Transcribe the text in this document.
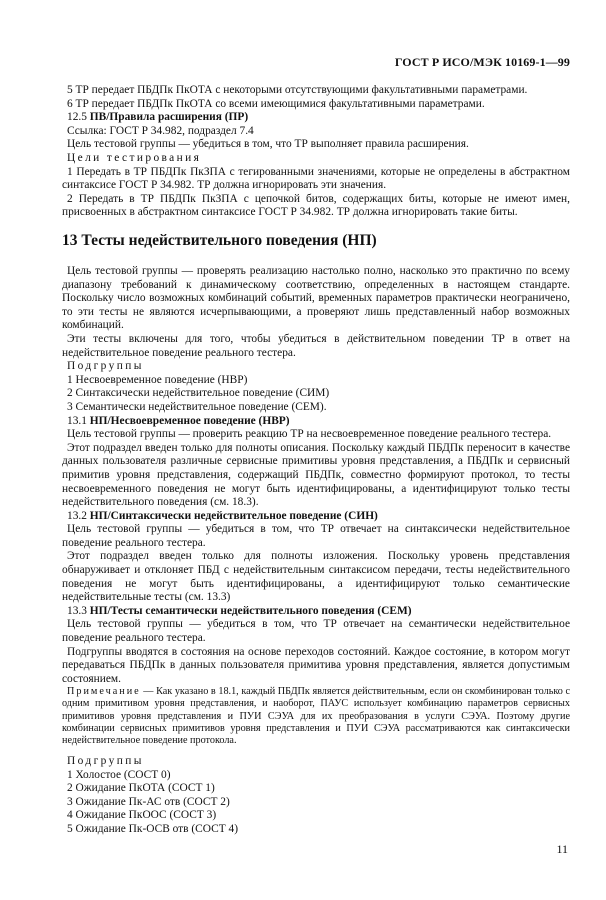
ГОСТ Р ИСО/МЭК 10169-1—99

5 ТР передает ПБДПк ПкОТА с некоторыми отсутствующими факультативными параметрами.

6 ТР передает ПБДПк ПкОТА со всеми имеющимися факультативными параметрами.

12.5 ПВ/Правила расширения (ПР)

Ссылка: ГОСТ Р 34.982, подраздел 7.4

Цель тестовой группы — убедиться в том, что ТР выполняет правила расширения.

Цели тестирования

1 Передать в ТР ПБДПк ПкЗПА с тегированными значениями, которые не определены в абстрактном синтаксисе ГОСТ Р 34.982. ТР должна игнорировать эти значения.

2 Передать в ТР ПБДПк ПкЗПА с цепочкой битов, содержащих биты, которые не имеют имен, присвоенных в абстрактном синтаксисе ГОСТ Р 34.982. ТР должна игнорировать такие биты.

13 Тесты недействительного поведения (НП)

Цель тестовой группы — проверять реализацию настолько полно, насколько это практично по всему диапазону требований к динамическому соответствию, определенных в настоящем стандарте. Поскольку число возможных комбинаций событий, временных параметров практически неограничено, то эти тесты не являются исчерпывающими, а проверяют лишь представленный набор возможных комбинаций.

Эти тесты включены для того, чтобы убедиться в действительном поведении ТР в ответ на недействительное поведение реального тестера.

Подгруппы

1 Несвоевременное поведение (НВР)

2 Синтаксически недействительное поведение (СИМ)

3 Семантически недействительное поведение (СЕМ).

13.1 НП/Несвоевременное поведение (НВР)

Цель тестовой группы — проверить реакцию ТР на несвоевременное поведение реального тестера.

Этот подраздел введен только для полноты описания. Поскольку каждый ПБДПк переносит в качестве данных пользователя различные сервисные примитивы уровня представления, а ПБДПк и сервисный примитив уровня представления, содержащий ПБДПк, совместно формируют протокол, то тесты несвоевременного поведения не могут быть идентифицированы, а идентифицируют только тесты недействительного поведения (см. 18.3).

13.2 НП/Синтаксически недействительное поведение (СИН)

Цель тестовой группы — убедиться в том, что ТР отвечает на синтаксически недействительное поведение реального тестера.

Этот подраздел введен только для полноты изложения. Поскольку уровень представления обнаруживает и отклоняет ПБД с недействительным синтаксисом передачи, тесты недействительного поведения не могут быть идентифицированы, а идентифицируют только семантические недействительные тесты (см. 13.3)

13.3 НП/Тесты семантически недействительного поведения (СЕМ)

Цель тестовой группы — убедиться в том, что ТР отвечает на семантически недействительное поведение реального тестера.

Подгруппы вводятся в состояния на основе переходов состояний. Каждое состояние, в котором могут передаваться ПБДПк в данных пользователя примитива уровня представления, является допустимым состоянием.

Примечание — Как указано в 18.1, каждый ПБДПк является действительным, если он скомбинирован только с одним примитивом уровня представления, и наоборот, ПАУС использует комбинацию параметров сервисных примитивов уровня представления и ПУИ СЭУА для их преобразования в услуги СЭУА. Поэтому другие комбинации сервисных примитивов уровня представления и ПУИ СЭУА рассматриваются как синтаксически недействительное поведение протокола.

Подгруппы

1 Холостое (СОСТ 0)

2 Ожидание ПкОТА (СОСТ 1)

3 Ожидание Пк-АС отв (СОСТ 2)

4 Ожидание ПкООС (СОСТ 3)

5 Ожидание Пк-ОСВ отв (СОСТ 4)

11
